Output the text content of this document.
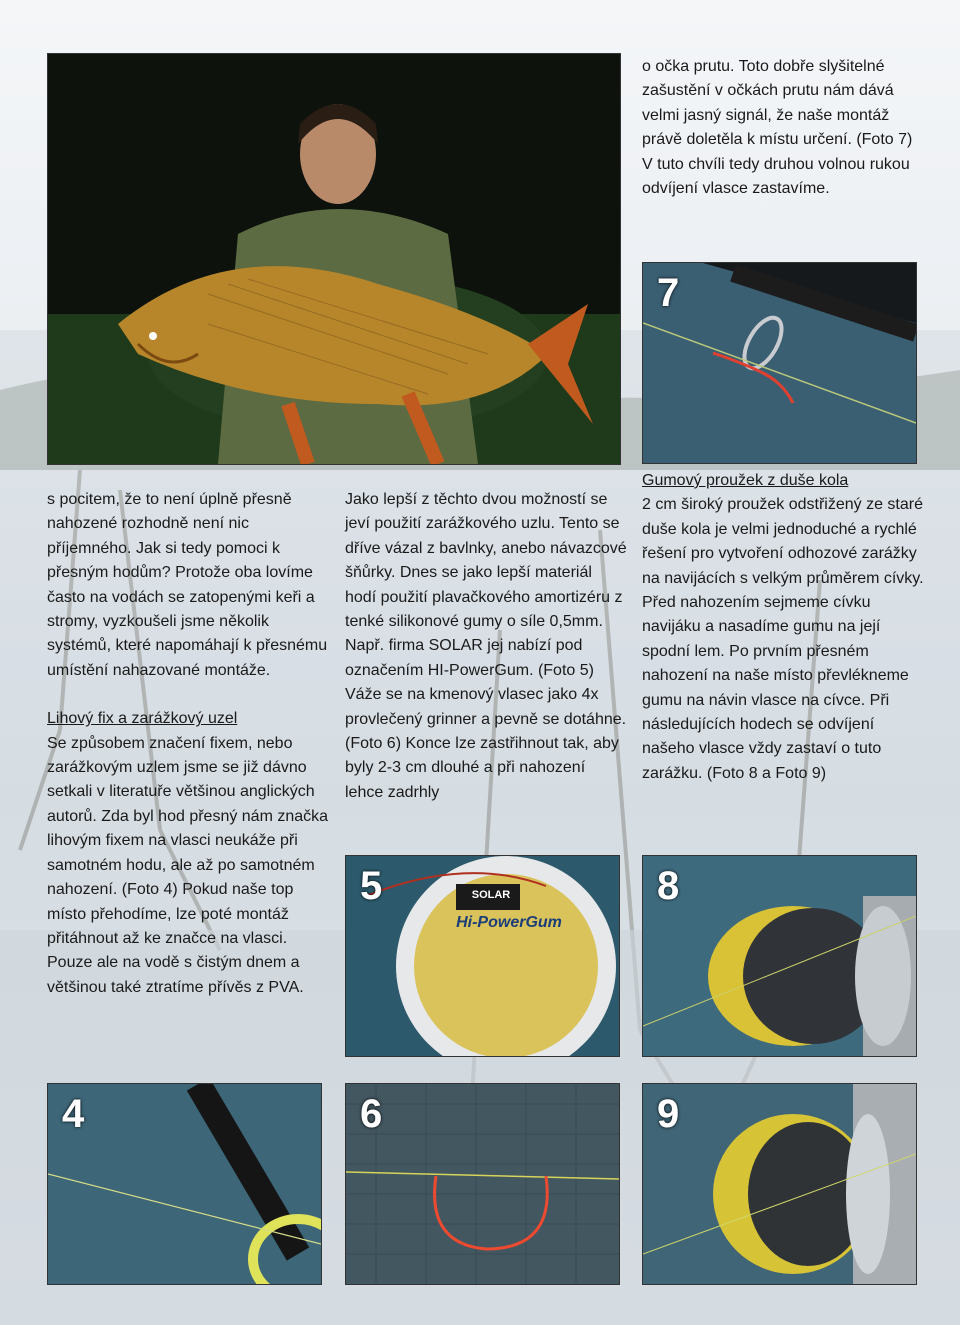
o očka prutu. Toto dobře slyšitelné zašustění v očkách prutu nám dává velmi jasný signál, že naše montáž právě doletěla k místu určení. (Foto 7) V tuto chvíli tedy druhou volnou rukou odvíjení vlasce zastavíme.

7

Gumový proužek z duše kola

2 cm široký proužek odstřižený ze staré duše kola je velmi jednoduché a rychlé řešení pro vytvoření odhozové zarážky na navijácích s velkým průměrem cívky. Před nahozením sejmeme cívku navijáku a nasadíme gumu na její spodní lem. Po prvním přesném nahození na naše místo převlékneme gumu na návin vlasce na cívce. Při následujících hodech se odvíjení našeho vlasce vždy zastaví o tuto zarážku. (Foto 8 a Foto 9)

s pocitem, že to není úplně přesně nahozené rozhodně není nic příjemného. Jak si tedy pomoci k přesným hodům? Protože oba lovíme často na vodách se zatopenými keři a stromy, vyzkoušeli jsme několik systémů, které napomáhají k přesnému umístění nahazované montáže.

Lihový fix a zarážkový uzel

Se způsobem značení fixem, nebo zarážkovým uzlem jsme se již dávno setkali v literatuře většinou anglických autorů. Zda byl hod přesný nám značka lihovým fixem na vlasci neukáže při samotném hodu, ale až po samotném nahození. (Foto 4) Pokud naše top místo přehodíme, lze poté montáž přitáhnout až ke značce na vlasci. Pouze ale na vodě s čistým dnem a většinou také ztratíme přívěs z PVA.

Jako lepší z těchto dvou možností se jeví použití zarážkového uzlu. Tento se dříve vázal z bavlnky, anebo návazcové šňůrky. Dnes se jako lepší materiál hodí použití plavačkového amortizéru z tenké silikonové gumy o síle 0,5mm. Např. firma SOLAR jej nabízí pod označením HI-PowerGum. (Foto 5) Váže se na kmenový vlasec jako 4x provlečený grinner a pevně se dotáhne. (Foto 6) Konce lze zastřihnout tak, aby byly 2-3 cm dlouhé a při nahození lehce zadrhly

5	SOLAR
Hi-PowerGum
8
4	6	9
